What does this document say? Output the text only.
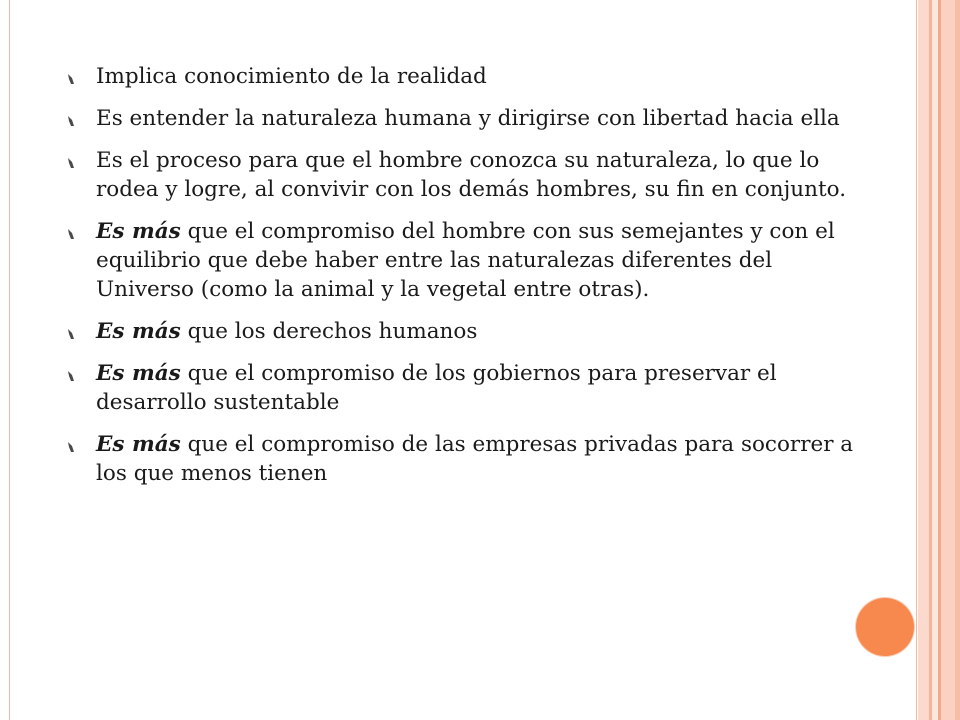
Implica conocimiento de la realidad
Es entender la naturaleza humana y dirigirse con libertad hacia ella
Es el proceso para que el hombre conozca su naturaleza, lo que lo rodea y logre, al convivir con los demás hombres, su fin en conjunto.
Es más que el compromiso del hombre con sus semejantes y con el equilibrio que debe haber entre las naturalezas diferentes del Universo (como la animal y la vegetal entre otras).
Es más que los derechos humanos
Es más que el compromiso de los gobiernos para preservar el desarrollo sustentable
Es más que el compromiso de las empresas privadas para socorrer a los que menos tienen
